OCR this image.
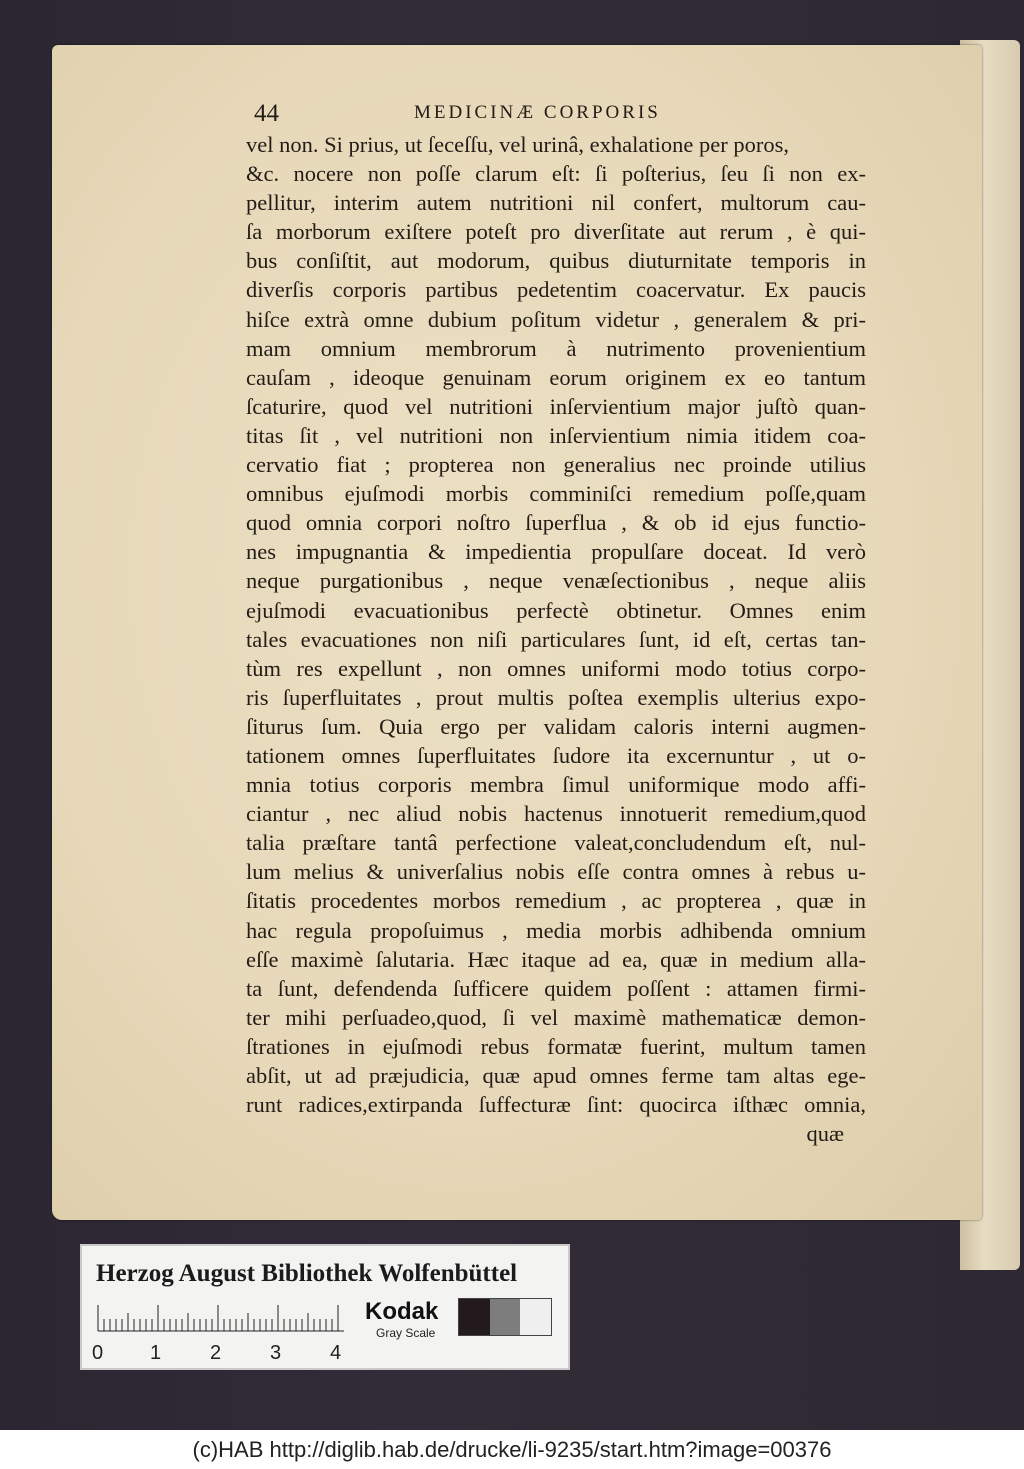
44	MEDICINÆ CORPORIS
vel non. Si prius, ut ſeceſſu, vel urinâ, exhalatione per poros,
&c. nocere non poſſe clarum eſt: ſi poſterius, ſeu ſi non ex-
pellitur, interim autem nutritioni nil confert, multorum cau-
ſa morborum exiſtere poteſt pro diverſitate aut rerum , è qui-
bus conſiſtit, aut modorum, quibus diuturnitate temporis in
diverſis corporis partibus pedetentim coacervatur. Ex paucis
hiſce extrà omne dubium poſitum videtur , generalem & pri-
mam omnium membrorum à nutrimento provenientium
cauſam , ideoque genuinam eorum originem ex eo tantum
ſcaturire, quod vel nutritioni inſervientium major juſtò quan-
titas ſit , vel nutritioni non inſervientium nimia itidem coa-
cervatio fiat ; propterea non generalius nec proinde utilius
omnibus ejuſmodi morbis comminiſci remedium poſſe,quam
quod omnia corpori noſtro ſuperflua , & ob id ejus functio-
nes impugnantia & impedientia propulſare doceat. Id verò
neque purgationibus , neque venæſectionibus , neque aliis
ejuſmodi evacuationibus perfectè obtinetur. Omnes enim
tales evacuationes non niſi particulares ſunt, id eſt, certas tan-
tùm res expellunt , non omnes uniformi modo totius corpo-
ris ſuperfluitates , prout multis poſtea exemplis ulterius expo-
ſiturus ſum. Quia ergo per validam caloris interni augmen-
tationem omnes ſuperfluitates ſudore ita excernuntur , ut o-
mnia totius corporis membra ſimul uniformique modo affi-
ciantur , nec aliud nobis hactenus innotuerit remedium,quod
talia præſtare tantâ perfectione valeat,concludendum eſt, nul-
lum melius & univerſalius nobis eſſe contra omnes à rebus u-
ſitatis procedentes morbos remedium , ac propterea , quæ in
hac regula propoſuimus , media morbis adhibenda omnium
eſſe maximè ſalutaria. Hæc itaque ad ea, quæ in medium alla-
ta ſunt, defendenda ſufficere quidem poſſent : attamen firmi-
ter mihi perſuadeo,quod, ſi vel maximè mathematicæ demon-
ſtrationes in ejuſmodi rebus formatæ fuerint, multum tamen
abſit, ut ad præjudicia, quæ apud omnes ferme tam altas ege-
runt radices,extirpanda ſuffecturæ ſint: quocirca iſthæc omnia,
quæ
Herzog August Bibliothek Wolfenbüttel
0 1 2 3 4
Kodak
Gray Scale
(c)HAB http://diglib.hab.de/drucke/li-9235/start.htm?image=00376
